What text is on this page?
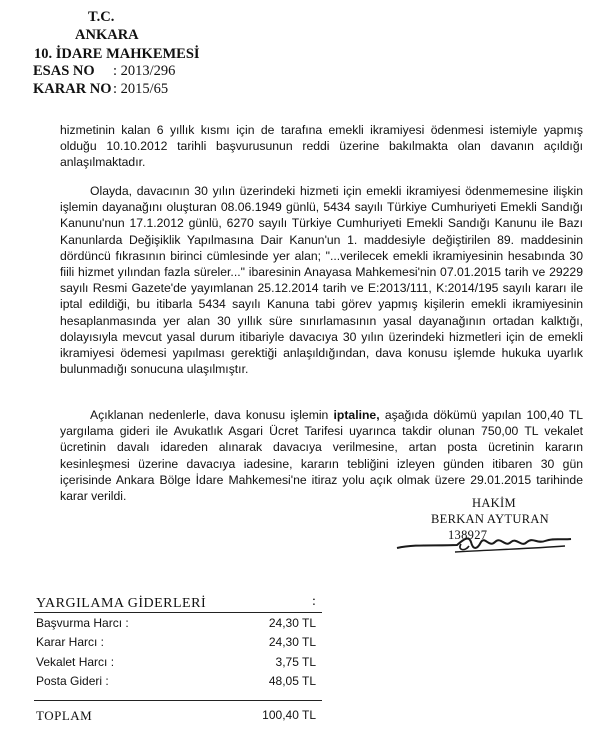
T.C.
ANKARA
10. İDARE MAHKEMESİ
ESAS NO : 2013/296
KARAR NO : 2015/65
hizmetinin kalan 6 yıllık kısmı için de tarafına emekli ikramiyesi ödenmesi istemiyle yapmış olduğu 10.10.2012 tarihli başvurusunun reddi üzerine bakılmakta olan davanın açıldığı anlaşılmaktadır.
Olayda, davacının 30 yılın üzerindeki hizmeti için emekli ikramiyesi ödenmemesine ilişkin işlemin dayanağını oluşturan 08.06.1949 günlü, 5434 sayılı Türkiye Cumhuriyeti Emekli Sandığı Kanunu'nun 17.1.2012 günlü, 6270 sayılı Türkiye Cumhuriyeti Emekli Sandığı Kanunu ile Bazı Kanunlarda Değişiklik Yapılmasına Dair Kanun'un 1. maddesiyle değiştirilen 89. maddesinin dördüncü fıkrasının birinci cümlesinde yer alan; "...verilecek emekli ikramiyesinin hesabında 30 fiili hizmet yılından fazla süreler..." ibaresinin Anayasa Mahkemesi'nin 07.01.2015 tarih ve 29229 sayılı Resmi Gazete'de yayımlanan 25.12.2014 tarih ve E:2013/111, K:2014/195 sayılı kararı ile iptal edildiği, bu itibarla 5434 sayılı Kanuna tabi görev yapmış kişilerin emekli ikramiyesinin hesaplanmasında yer alan 30 yıllık süre sınırlamasının yasal dayanağının ortadan kalktığı, dolayısıyla mevcut yasal durum itibariyle davacıya 30 yılın üzerindeki hizmetleri için de emekli ikramiyesi ödemesi yapılması gerektiği anlaşıldığından, dava konusu işlemde hukuka uyarlık bulunmadığı sonucuna ulaşılmıştır.
Açıklanan nedenlerle, dava konusu işlemin iptaline, aşağıda dökümü yapılan 100,40 TL yargılama gideri ile Avukatlık Asgari Ücret Tarifesi uyarınca takdir olunan 750,00 TL vekalet ücretinin davalı idareden alınarak davacıya verilmesine, artan posta ücretinin kararın kesinleşmesi üzerine davacıya iadesine, kararın tebliğini izleyen günden itibaren 30 gün içerisinde Ankara Bölge İdare Mahkemesi'ne itiraz yolu açık olmak üzere 29.01.2015 tarihinde karar verildi.	HAKİM
BERKAN AYTURAN
138927
YARGILAMA GİDERLERİ	:
Başvurma Harcı :	24,30 TL
Karar Harcı :	24,30 TL
Vekalet Harcı :	3,75 TL
Posta Gideri :	48,05 TL
TOPLAM	100,40 TL
